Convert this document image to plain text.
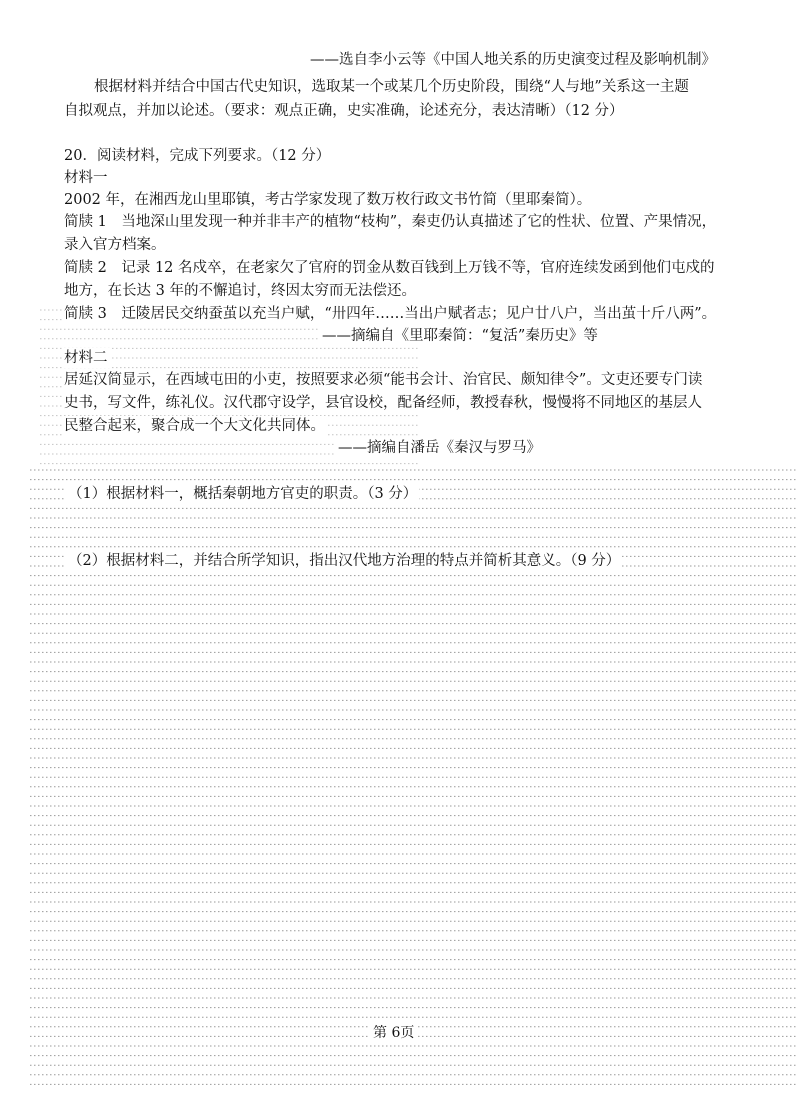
——选自李小云等《中国人地关系的历史演变过程及影响机制》
根据材料并结合中国古代史知识，选取某一个或某几个历史阶段，围绕“人与地”关系这一主题
自拟观点，并加以论述。（要求：观点正确，史实准确，论述充分，表达清晰）（12 分）
20．阅读材料，完成下列要求。（12 分）
材料一
2002 年，在湘西龙山里耶镇，考古学家发现了数万枚行政文书竹简（里耶秦简）。
简牍 1　当地深山里发现一种并非丰产的植物“枝枸”，秦吏仍认真描述了它的性状、位置、产果情况，
录入官方档案。
简牍 2　记录 12 名戍卒，在老家欠了官府的罚金从数百钱到上万钱不等，官府连续发函到他们屯戍的
地方，在长达 3 年的不懈追讨，终因太穷而无法偿还。
简牍 3　迁陵居民交纳蚕茧以充当户赋，“卅四年……当出户赋者志；见户廿八户，当出茧十斤八两”。
——摘编自《里耶秦简：“复活”秦历史》等
材料二
居延汉简显示，在西域屯田的小吏，按照要求必须“能书会计、治官民、颇知律令”。文吏还要专门读
史书，写文件，练礼仪。汉代郡守设学，县官设校，配备经师，教授春秋，慢慢将不同地区的基层人
民整合起来，聚合成一个大文化共同体。
——摘编自潘岳《秦汉与罗马》
（1）根据材料一，概括秦朝地方官吏的职责。（3 分）
（2）根据材料二，并结合所学知识，指出汉代地方治理的特点并简析其意义。（9 分）
第 6页
